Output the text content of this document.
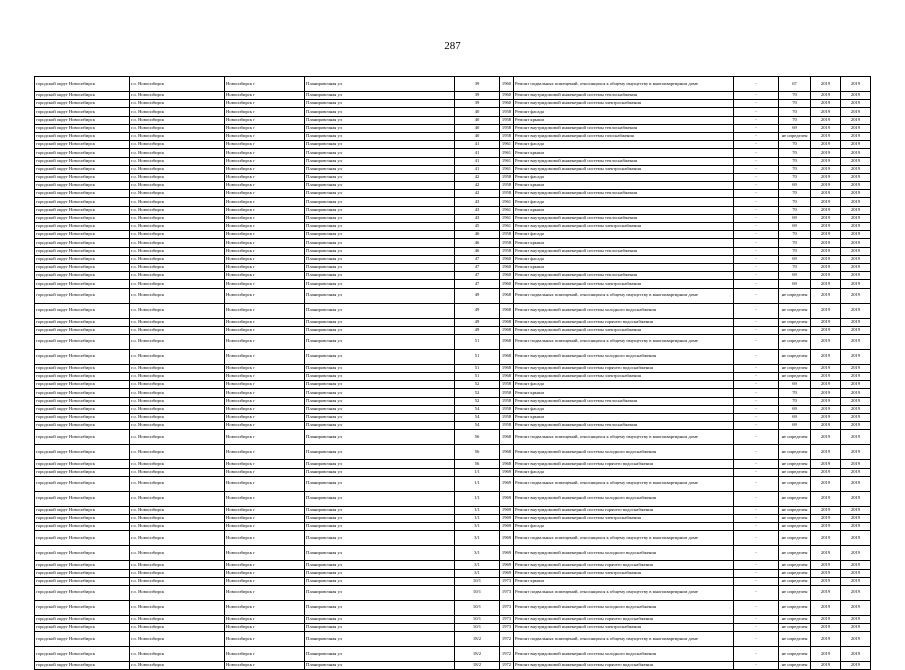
287
городской округ Новосибирск	г.о. Новосибирск	Новосибирск г	Планировочная ул	39	1960	Ремонт подвальных помещений, относящихся к общему имуществу в многоквартирном доме	-	67	2019	2019
городской округ Новосибирск	г.о. Новосибирск	Новосибирск г	Планировочная ул	39	1960	Ремонт внутридомовой инженерной системы теплоснабжения	-	70	2019	2019
городской округ Новосибирск	г.о. Новосибирск	Новосибирск г	Планировочная ул	39	1960	Ремонт внутридомовой инженерной системы электроснабжения	-	70	2019	2019
городской округ Новосибирск	г.о. Новосибирск	Новосибирск г	Планировочная ул	40	1958	Ремонт фасада	-	70	2019	2019
городской округ Новосибирск	г.о. Новосибирск	Новосибирск г	Планировочная ул	40	1958	Ремонт крыши	-	70	2019	2019
городской округ Новосибирск	г.о. Новосибирск	Новосибирск г	Планировочная ул	40	1958	Ремонт внутридомовой инженерной системы теплоснабжения	-	69	2019	2019
городской округ Новосибирск	г.о. Новосибирск	Новосибирск г	Планировочная ул	40	1958	Ремонт внутридомовой инженерной системы газоснабжения	-	не определен	2019	2019
городской округ Новосибирск	г.о. Новосибирск	Новосибирск г	Планировочная ул	41	1961	Ремонт фасада	-	70	2019	2019
городской округ Новосибирск	г.о. Новосибирск	Новосибирск г	Планировочная ул	41	1961	Ремонт крыши	-	70	2019	2019
городской округ Новосибирск	г.о. Новосибирск	Новосибирск г	Планировочная ул	41	1961	Ремонт внутридомовой инженерной системы теплоснабжения	-	70	2019	2019
городской округ Новосибирск	г.о. Новосибирск	Новосибирск г	Планировочная ул	41	1961	Ремонт внутридомовой инженерной системы электроснабжения	-	70	2019	2019
городской округ Новосибирск	г.о. Новосибирск	Новосибирск г	Планировочная ул	42	1958	Ремонт фасада	-	70	2019	2019
городской округ Новосибирск	г.о. Новосибирск	Новосибирск г	Планировочная ул	42	1958	Ремонт крыши	-	69	2019	2019
городской округ Новосибирск	г.о. Новосибирск	Новосибирск г	Планировочная ул	42	1958	Ремонт внутридомовой инженерной системы теплоснабжения	-	70	2019	2019
городской округ Новосибирск	г.о. Новосибирск	Новосибирск г	Планировочная ул	43	1961	Ремонт фасада	-	70	2019	2019
городской округ Новосибирск	г.о. Новосибирск	Новосибирск г	Планировочная ул	43	1961	Ремонт крыши	-	70	2019	2019
городской округ Новосибирск	г.о. Новосибирск	Новосибирск г	Планировочная ул	43	1961	Ремонт внутридомовой инженерной системы теплоснабжения	-	69	2019	2019
городской округ Новосибирск	г.о. Новосибирск	Новосибирск г	Планировочная ул	45	1961	Ремонт внутридомовой инженерной системы электроснабжения	-	69	2019	2019
городской округ Новосибирск	г.о. Новосибирск	Новосибирск г	Планировочная ул	46	1958	Ремонт фасада	-	70	2019	2019
городской округ Новосибирск	г.о. Новосибирск	Новосибирск г	Планировочная ул	46	1958	Ремонт крыши	-	70	2019	2019
городской округ Новосибирск	г.о. Новосибирск	Новосибирск г	Планировочная ул	46	1958	Ремонт внутридомовой инженерной системы теплоснабжения	-	70	2019	2019
городской округ Новосибирск	г.о. Новосибирск	Новосибирск г	Планировочная ул	47	1960	Ремонт фасада	-	69	2019	2019
городской округ Новосибирск	г.о. Новосибирск	Новосибирск г	Планировочная ул	47	1960	Ремонт крыши	-	70	2019	2019
городской округ Новосибирск	г.о. Новосибирск	Новосибирск г	Планировочная ул	47	1960	Ремонт внутридомовой инженерной системы теплоснабжения	-	69	2019	2019
городской округ Новосибирск	г.о. Новосибирск	Новосибирск г	Планировочная ул	47	1960	Ремонт внутридомовой инженерной системы электроснабжения	-	69	2019	2019
городской округ Новосибирск	г.о. Новосибирск	Новосибирск г	Планировочная ул	49	1968	Ремонт подвальных помещений, относящихся к общему имуществу в многоквартирном доме	-	не определен	2019	2019
городской округ Новосибирск	г.о. Новосибирск	Новосибирск г	Планировочная ул	49	1968	Ремонт внутридомовой инженерной системы холодного водоснабжения	-	не определен	2019	2019
городской округ Новосибирск	г.о. Новосибирск	Новосибирск г	Планировочная ул	49	1968	Ремонт внутридомовой инженерной системы горячего водоснабжения	-	не определен	2019	2019
городской округ Новосибирск	г.о. Новосибирск	Новосибирск г	Планировочная ул	49	1968	Ремонт внутридомовой инженерной системы электроснабжения	-	не определен	2019	2019
городской округ Новосибирск	г.о. Новосибирск	Новосибирск г	Планировочная ул	51	1968	Ремонт подвальных помещений, относящихся к общему имуществу в многоквартирном доме	-	не определен	2019	2019
городской округ Новосибирск	г.о. Новосибирск	Новосибирск г	Планировочная ул	51	1968	Ремонт внутридомовой инженерной системы холодного водоснабжения	-	не определен	2019	2019
городской округ Новосибирск	г.о. Новосибирск	Новосибирск г	Планировочная ул	51	1968	Ремонт внутридомовой инженерной системы горячего водоснабжения	-	не определен	2019	2019
городской округ Новосибирск	г.о. Новосибирск	Новосибирск г	Планировочная ул	51	1968	Ремонт внутридомовой инженерной системы электроснабжения	-	не определен	2019	2019
городской округ Новосибирск	г.о. Новосибирск	Новосибирск г	Планировочная ул	52	1958	Ремонт фасада	-	69	2019	2019
городской округ Новосибирск	г.о. Новосибирск	Новосибирск г	Планировочная ул	52	1958	Ремонт крыши	-	70	2019	2019
городской округ Новосибирск	г.о. Новосибирск	Новосибирск г	Планировочная ул	52	1958	Ремонт внутридомовой инженерной системы теплоснабжения	-	70	2019	2019
городской округ Новосибирск	г.о. Новосибирск	Новосибирск г	Планировочная ул	54	1958	Ремонт фасада	-	69	2019	2019
городской округ Новосибирск	г.о. Новосибирск	Новосибирск г	Планировочная ул	54	1958	Ремонт крыши	-	69	2019	2019
городской округ Новосибирск	г.о. Новосибирск	Новосибирск г	Планировочная ул	54	1958	Ремонт внутридомовой инженерной системы теплоснабжения	-	69	2019	2019
городской округ Новосибирск	г.о. Новосибирск	Новосибирск г	Планировочная ул	56	1968	Ремонт подвальных помещений, относящихся к общему имуществу в многоквартирном доме	-	не определен	2019	2019
городской округ Новосибирск	г.о. Новосибирск	Новосибирск г	Планировочная ул	56	1968	Ремонт внутридомовой инженерной системы холодного водоснабжения	-	не определен	2019	2019
городской округ Новосибирск	г.о. Новосибирск	Новосибирск г	Планировочная ул	56	1968	Ремонт внутридомовой инженерной системы горячего водоснабжения	-	не определен	2019	2019
городской округ Новосибирск	г.о. Новосибирск	Новосибирск г	Планировочная ул	1/1	1969	Ремонт фасада	-	не определен	2019	2019
городской округ Новосибирск	г.о. Новосибирск	Новосибирск г	Планировочная ул	1/1	1969	Ремонт подвальных помещений, относящихся к общему имуществу в многоквартирном доме	-	не определен	2019	2019
городской округ Новосибирск	г.о. Новосибирск	Новосибирск г	Планировочная ул	1/1	1969	Ремонт внутридомовой инженерной системы холодного водоснабжения	-	не определен	2019	2019
городской округ Новосибирск	г.о. Новосибирск	Новосибирск г	Планировочная ул	1/1	1969	Ремонт внутридомовой инженерной системы горячего водоснабжения	-	не определен	2019	2019
городской округ Новосибирск	г.о. Новосибирск	Новосибирск г	Планировочная ул	1/1	1969	Ремонт внутридомовой инженерной системы электроснабжения	-	не определен	2019	2019
городской округ Новосибирск	г.о. Новосибирск	Новосибирск г	Планировочная ул	3/1	1969	Ремонт фасада	-	не определен	2019	2019
городской округ Новосибирск	г.о. Новосибирск	Новосибирск г	Планировочная ул	3/1	1969	Ремонт подвальных помещений, относящихся к общему имуществу в многоквартирном доме	-	не определен	2019	2019
городской округ Новосибирск	г.о. Новосибирск	Новосибирск г	Планировочная ул	3/1	1969	Ремонт внутридомовой инженерной системы холодного водоснабжения	-	не определен	2019	2019
городской округ Новосибирск	г.о. Новосибирск	Новосибирск г	Планировочная ул	3/1	1969	Ремонт внутридомовой инженерной системы горячего водоснабжения	-	не определен	2019	2019
городской округ Новосибирск	г.о. Новосибирск	Новосибирск г	Планировочная ул	3/1	1969	Ремонт внутридомовой инженерной системы электроснабжения	-	не определен	2019	2019
городской округ Новосибирск	г.о. Новосибирск	Новосибирск г	Планировочная ул	10/1	1973	Ремонт крыши	-	не определен	2019	2019
городской округ Новосибирск	г.о. Новосибирск	Новосибирск г	Планировочная ул	10/1	1973	Ремонт подвальных помещений, относящихся к общему имуществу в многоквартирном доме	-	не определен	2019	2019
городской округ Новосибирск	г.о. Новосибирск	Новосибирск г	Планировочная ул	10/1	1973	Ремонт внутридомовой инженерной системы холодного водоснабжения	-	не определен	2019	2019
городской округ Новосибирск	г.о. Новосибирск	Новосибирск г	Планировочная ул	10/1	1973	Ремонт внутридомовой инженерной системы горячего водоснабжения	-	не определен	2019	2019
городской округ Новосибирск	г.о. Новосибирск	Новосибирск г	Планировочная ул	10/1	1973	Ремонт внутридомовой инженерной системы электроснабжения	-	не определен	2019	2019
городской округ Новосибирск	г.о. Новосибирск	Новосибирск г	Планировочная ул	18/2	1972	Ремонт подвальных помещений, относящихся к общему имуществу в многоквартирном доме	-	не определен	2019	2019
городской округ Новосибирск	г.о. Новосибирск	Новосибирск г	Планировочная ул	18/2	1972	Ремонт внутридомовой инженерной системы холодного водоснабжения	-	не определен	2019	2019
городской округ Новосибирск	г.о. Новосибирск	Новосибирск г	Планировочная ул	18/2	1972	Ремонт внутридомовой инженерной системы горячего водоснабжения	-	не определен	2019	2019
